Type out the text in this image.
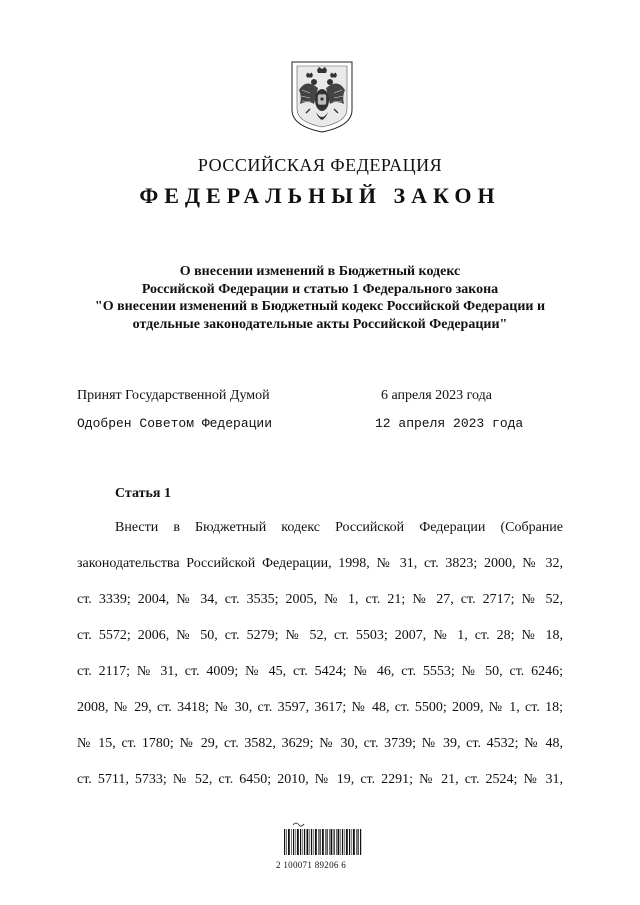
РОССИЙСКАЯ ФЕДЕРАЦИЯ
ФЕДЕРАЛЬНЫЙ ЗАКОН
О внесении изменений в Бюджетный кодекс
Российской Федерации и статью 1 Федерального закона
"О внесении изменений в Бюджетный кодекс Российской Федерации и
отдельные законодательные акты Российской Федерации"
Принят Государственной Думой	6 апреля 2023 года
Одобрен Советом Федерации	12 апреля 2023 года
Статья 1
Внести в Бюджетный кодекс Российской Федерации (Собрание
законодательства Российской Федерации, 1998, № 31, ст. 3823; 2000, № 32,
ст. 3339; 2004, № 34, ст. 3535; 2005, № 1, ст. 21; № 27, ст. 2717; № 52,
ст. 5572; 2006, № 50, ст. 5279; № 52, ст. 5503; 2007, № 1, ст. 28; № 18,
ст. 2117; № 31, ст. 4009; № 45, ст. 5424; № 46, ст. 5553; № 50, ст. 6246;
2008, № 29, ст. 3418; № 30, ст. 3597, 3617; № 48, ст. 5500; 2009, № 1, ст. 18;
№ 15, ст. 1780; № 29, ст. 3582, 3629; № 30, ст. 3739; № 39, ст. 4532; № 48,
ст. 5711, 5733; № 52, ст. 6450; 2010, № 19, ст. 2291; № 21, ст. 2524; № 31,
2 100071 89206 6
